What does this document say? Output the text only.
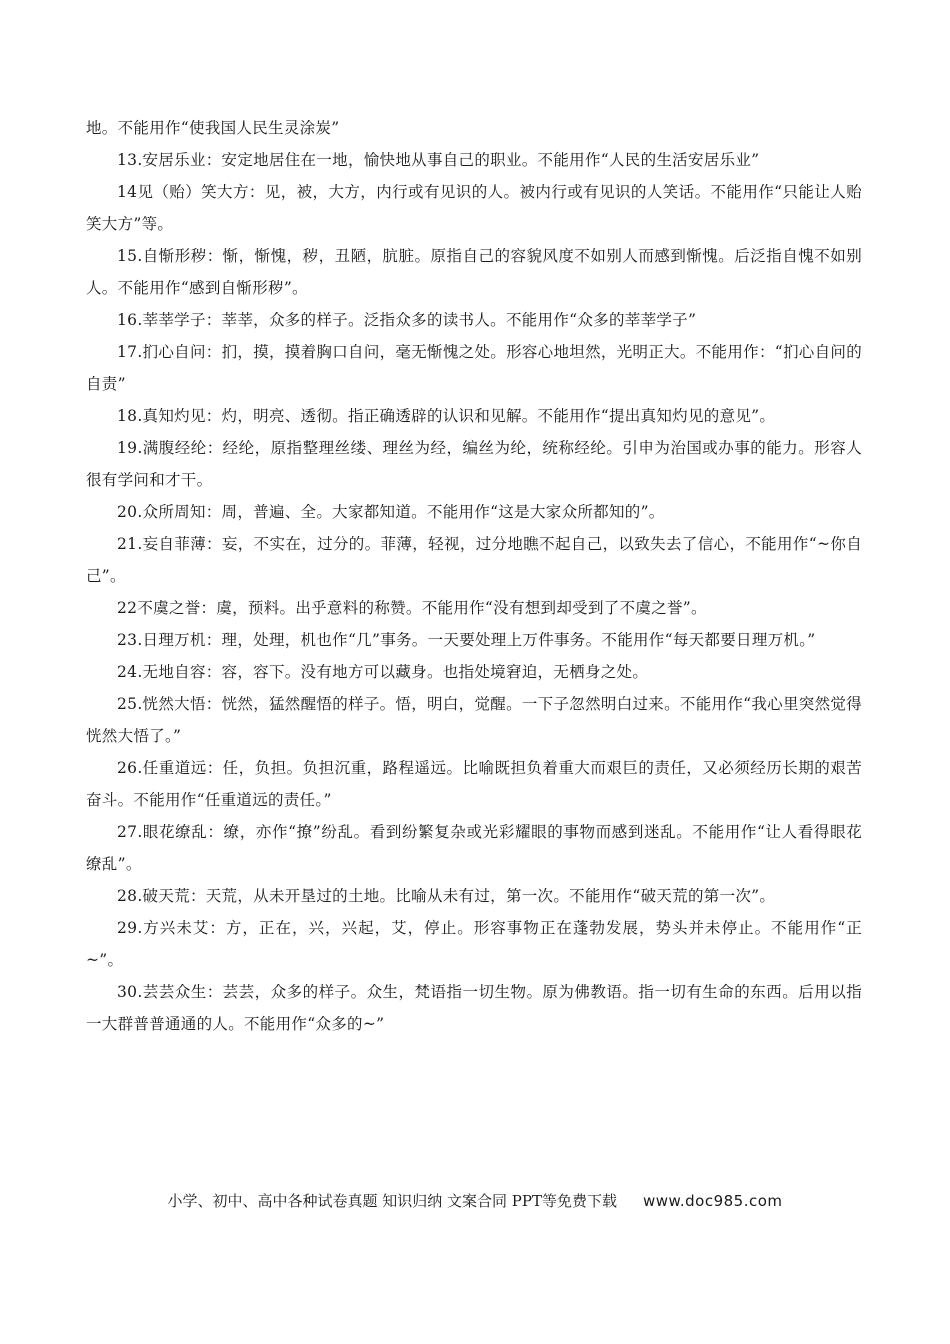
地。不能用作“使我国人民生灵涂炭”

13.安居乐业：安定地居住在一地，愉快地从事自己的职业。不能用作“人民的生活安居乐业”

14见（贻）笑大方：见，被，大方，内行或有见识的人。被内行或有见识的人笑话。不能用作“只能让人贻笑大方”等。

15.自惭形秽：惭，惭愧，秽，丑陋，肮脏。原指自己的容貌风度不如别人而感到惭愧。后泛指自愧不如别人。不能用作“感到自惭形秽”。

16.莘莘学子：莘莘，众多的样子。泛指众多的读书人。不能用作“众多的莘莘学子”

17.扪心自问：扪，摸，摸着胸口自问，毫无惭愧之处。形容心地坦然，光明正大。不能用作：“扪心自问的自责”

18.真知灼见：灼，明亮、透彻。指正确透辟的认识和见解。不能用作“提出真知灼见的意见”。

19.满腹经纶：经纶，原指整理丝缕、理丝为经，编丝为纶，统称经纶。引申为治国或办事的能力。形容人很有学问和才干。

20.众所周知：周，普遍、全。大家都知道。不能用作“这是大家众所都知的”。

21.妄自菲薄：妄，不实在，过分的。菲薄，轻视，过分地瞧不起自己，以致失去了信心，不能用作“~你自己”。

22不虞之誉：虞，预料。出乎意料的称赞。不能用作“没有想到却受到了不虞之誉”。

23.日理万机：理，处理，机也作“几”事务。一天要处理上万件事务。不能用作“每天都要日理万机。”

24.无地自容：容，容下。没有地方可以藏身。也指处境窘迫，无栖身之处。

25.恍然大悟：恍然，猛然醒悟的样子。悟，明白，觉醒。一下子忽然明白过来。不能用作“我心里突然觉得恍然大悟了。”

26.任重道远：任，负担。负担沉重，路程遥远。比喻既担负着重大而艰巨的责任，又必须经历长期的艰苦奋斗。不能用作“任重道远的责任。”

27.眼花缭乱：缭，亦作“撩”纷乱。看到纷繁复杂或光彩耀眼的事物而感到迷乱。不能用作“让人看得眼花缭乱”。

28.破天荒：天荒，从未开垦过的土地。比喻从未有过，第一次。不能用作“破天荒的第一次”。

29.方兴未艾：方，正在，兴，兴起，艾，停止。形容事物正在蓬勃发展，势头并未停止。不能用作“正~”。

30.芸芸众生：芸芸，众多的样子。众生，梵语指一切生物。原为佛教语。指一切有生命的东西。后用以指一大群普普通通的人。不能用作“众多的~”

小学、初中、高中各种试卷真题 知识归纳 文案合同 PPT等免费下载 www.doc985.com
